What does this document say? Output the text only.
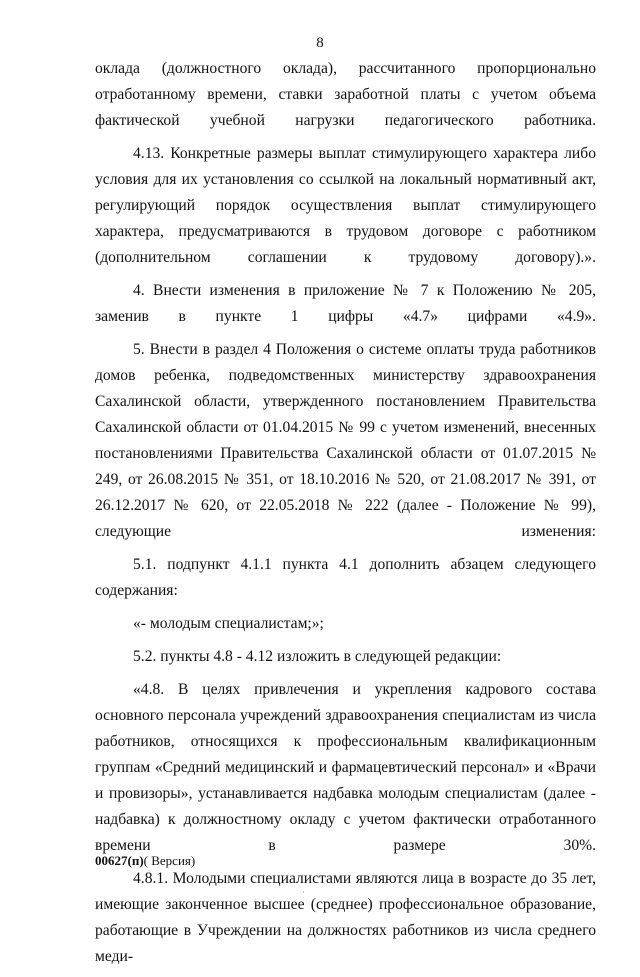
8

оклада (должностного оклада), рассчитанного пропорционально отработанному времени, ставки заработной платы с учетом объема фактической учебной нагрузки педагогического работника.

4.13. Конкретные размеры выплат стимулирующего характера либо условия для их установления со ссылкой на локальный нормативный акт, регулирующий порядок осуществления выплат стимулирующего характера, предусматриваются в трудовом договоре с работником (дополнительном соглашении к трудовому договору).».

4. Внести изменения в приложение № 7 к Положению № 205, заменив в пункте 1 цифры «4.7» цифрами «4.9».

5. Внести в раздел 4 Положения о системе оплаты труда работников домов ребенка, подведомственных министерству здравоохранения Сахалинской области, утвержденного постановлением Правительства Сахалинской области от 01.04.2015 № 99 с учетом изменений, внесенных постановлениями Правительства Сахалинской области от 01.07.2015 № 249, от 26.08.2015 № 351, от 18.10.2016 № 520, от 21.08.2017 № 391, от 26.12.2017 № 620, от 22.05.2018 № 222 (далее - Положение № 99), следующие изменения:

5.1. подпункт 4.1.1 пункта 4.1 дополнить абзацем следующего содержания:

«- молодым специалистам;»;

5.2. пункты 4.8 - 4.12 изложить в следующей редакции:

«4.8. В целях привлечения и укрепления кадрового состава основного персонала учреждений здравоохранения специалистам из числа работников, относящихся к профессиональным квалификационным группам «Средний медицинский и фармацевтический персонал» и «Врачи и провизоры», устанавливается надбавка молодым специалистам (далее - надбавка) к должностному окладу с учетом фактически отработанного времени в размере 30%.

4.8.1. Молодыми специалистами являются лица в возрасте до 35 лет, имеющие законченное высшее (среднее) профессиональное образование, работающие в Учреждении на должностях работников из числа среднего меди-

00627(п)( Версия)
·
